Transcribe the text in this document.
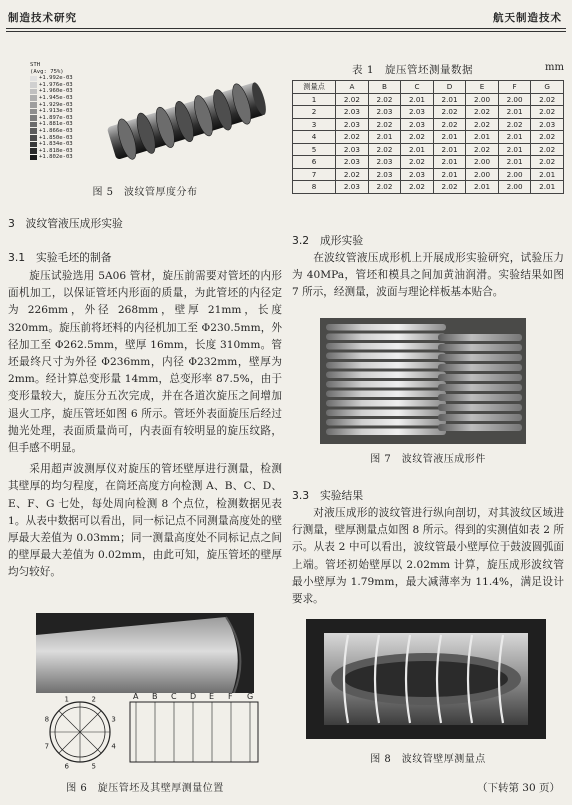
制造技术研究	航天制造技术
STH
(Avg: 75%)
+1.992e-03
+1.976e-03
+1.960e-03
+1.945e-03
+1.929e-03
+1.913e-03
+1.897e-03
+1.881e-03
+1.866e-03
+1.850e-03
+1.834e-03
+1.818e-03
+1.802e-03
图 5　波纹管厚度分布
3　波纹管液压成形实验
3.1　实验毛坯的制备

旋压试验选用 5A06 管材，旋压前需要对管坯的内形面机加工，以保证管坯内形面的质量，为此管坯的内径定为 226mm，外径 268mm，壁厚 21mm，长度 320mm。旋压前将坯料的内径机加工至 Φ230.5mm，外径加工至 Φ262.5mm，壁厚 16mm，长度 310mm。管坯最终尺寸为外径 Φ236mm，内径 Φ232mm，壁厚为 2mm。经计算总变形量 14mm，总变形率 87.5%，由于变形量较大，旋压分五次完成，并在各道次旋压之间增加退火工序，旋压管坯如图 6 所示。管坯外表面旋压后经过抛光处理，表面质量尚可，内表面有较明显的旋压纹路，但手感不明显。

采用超声波测厚仪对旋压的管坯壁厚进行测量，检测其壁厚的均匀程度，在筒坯高度方向检测 A、B、C、D、E、F、G 七处，每处周向检测 8 个点位，检测数据见表 1。从表中数据可以看出，同一标记点不同测量高度处的壁厚最大差值为 0.03mm；同一测量高度处不同标记点之间的壁厚最大差值为 0.02mm，由此可知，旋压管坯的壁厚均匀较好。

1	2
3
4
5
6
7
8
A B C D E F G
图 6　旋压管坯及其壁厚测量位置
表 1　旋压管坯测量数据	mm
测量点	A	B	C	D	E	F	G
1	2.02	2.02	2.01	2.01	2.00	2.00	2.02
2	2.03	2.03	2.03	2.02	2.02	2.01	2.02
3	2.03	2.02	2.03	2.02	2.02	2.02	2.03
4	2.02	2.01	2.02	2.01	2.01	2.01	2.02
5	2.03	2.02	2.01	2.01	2.02	2.01	2.02
6	2.03	2.03	2.02	2.01	2.00	2.01	2.02
7	2.02	2.03	2.03	2.01	2.00	2.00	2.01
8	2.03	2.02	2.02	2.02	2.01	2.00	2.01
3.2　成形实验

在波纹管液压成形机上开展成形实验研究，试验压力为 40MPa，管坯和模具之间加黄油润滑。实验结果如图 7 所示，经测量，波面与理论样板基本贴合。

图 7　波纹管液压成形件
3.3　实验结果

对液压成形的波纹管进行纵向剖切，对其波纹区域进行测量，壁厚测量点如图 8 所示。得到的实测值如表 2 所示。从表 2 中可以看出，波纹管最小壁厚位于鼓波圆弧面上端。管坯初始壁厚以 2.02mm 计算，旋压成形波纹管最小壁厚为 1.79mm，最大减薄率为 11.4%，满足设计要求。

图 8　波纹管壁厚测量点
（下转第 30 页）
